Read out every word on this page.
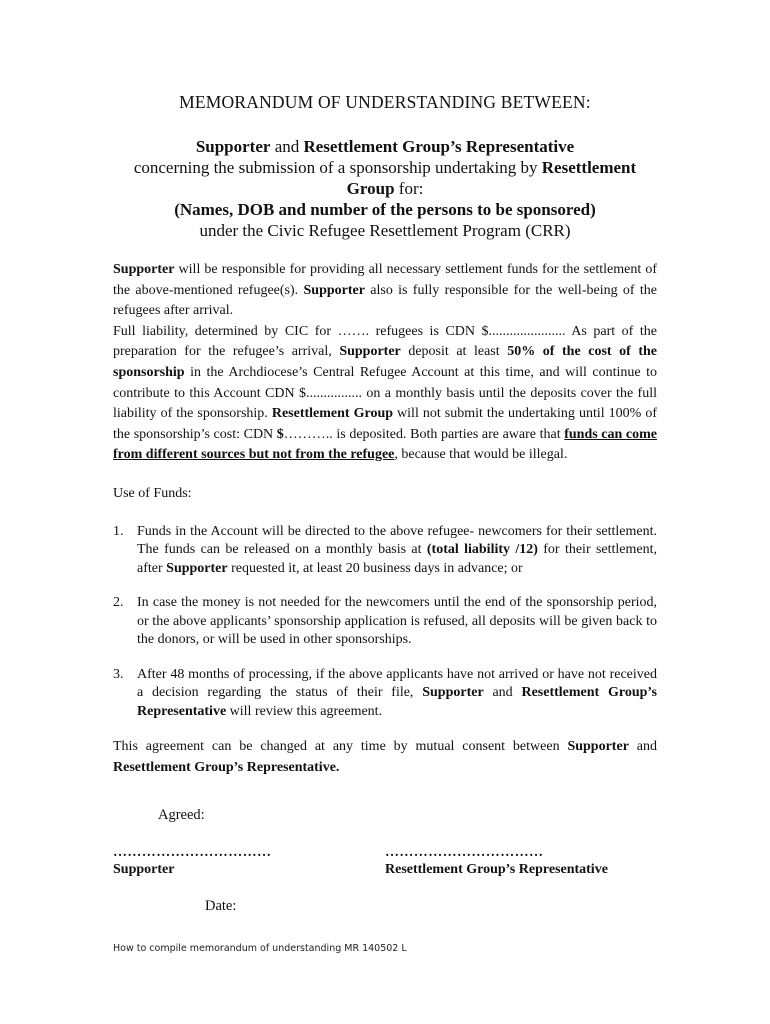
MEMORANDUM OF UNDERSTANDING BETWEEN:
Supporter and Resettlement Group’s Representative
concerning the submission of a sponsorship undertaking by Resettlement Group for:
(Names, DOB and number of the persons to be sponsored)
under the Civic Refugee Resettlement Program (CRR)

Supporter will be responsible for providing all necessary settlement funds for the settlement of the above-mentioned refugee(s). Supporter also is fully responsible for the well-being of the refugees after arrival.

Full liability, determined by CIC for ……. refugees is CDN $...................... As part of the preparation for the refugee’s arrival, Supporter deposit at least 50% of the cost of the sponsorship in the Archdiocese’s Central Refugee Account at this time, and will continue to contribute to this Account CDN $................ on a monthly basis until the deposits cover the full liability of the sponsorship. Resettlement Group will not submit the undertaking until 100% of the sponsorship’s cost: CDN $……….. is deposited. Both parties are aware that funds can come from different sources but not from the refugee, because that would be illegal.

Use of Funds:

1. Funds in the Account will be directed to the above refugee- newcomers for their settlement. The funds can be released on a monthly basis at (total liability /12) for their settlement, after Supporter requested it, at least 20 business days in advance; or
2. In case the money is not needed for the newcomers until the end of the sponsorship period, or the above applicants’ sponsorship application is refused, all deposits will be given back to the donors, or will be used in other sponsorships.
3. After 48 months of processing, if the above applicants have not arrived or have not received a decision regarding the status of their file, Supporter and Resettlement Group’s Representative will review this agreement.

This agreement can be changed at any time by mutual consent between Supporter and Resettlement Group’s Representative.

Agreed:
……………………………	……………………………
Supporter	Resettlement Group’s Representative
Date:
How to compile memorandum of understanding MR 140502 L
